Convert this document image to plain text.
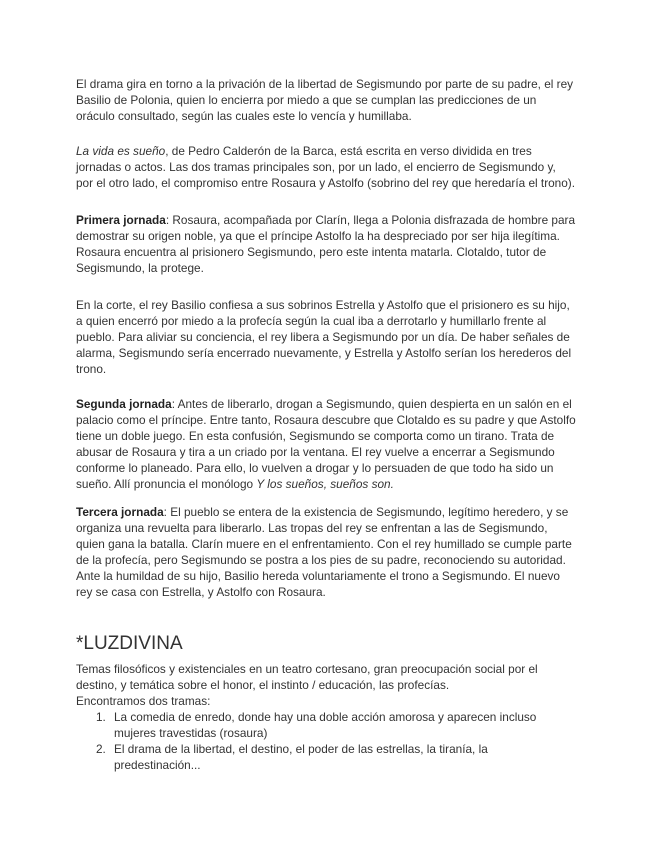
El drama gira en torno a la privación de la libertad de Segismundo por parte de su padre, el rey Basilio de Polonia, quien lo encierra por miedo a que se cumplan las predicciones de un oráculo consultado, según las cuales este lo vencía y humillaba.

La vida es sueño, de Pedro Calderón de la Barca, está escrita en verso dividida en tres jornadas o actos. Las dos tramas principales son, por un lado, el encierro de Segismundo y, por el otro lado, el compromiso entre Rosaura y Astolfo (sobrino del rey que heredaría el trono).

Primera jornada: Rosaura, acompañada por Clarín, llega a Polonia disfrazada de hombre para demostrar su origen noble, ya que el príncipe Astolfo la ha despreciado por ser hija ilegítima. Rosaura encuentra al prisionero Segismundo, pero este intenta matarla. Clotaldo, tutor de Segismundo, la protege.

En la corte, el rey Basilio confiesa a sus sobrinos Estrella y Astolfo que el prisionero es su hijo, a quien encerró por miedo a la profecía según la cual iba a derrotarlo y humillarlo frente al pueblo. Para aliviar su conciencia, el rey libera a Segismundo por un día. De haber señales de alarma, Segismundo sería encerrado nuevamente, y Estrella y Astolfo serían los herederos del trono.

Segunda jornada: Antes de liberarlo, drogan a Segismundo, quien despierta en un salón en el palacio como el príncipe. Entre tanto, Rosaura descubre que Clotaldo es su padre y que Astolfo tiene un doble juego. En esta confusión, Segismundo se comporta como un tirano. Trata de abusar de Rosaura y tira a un criado por la ventana. El rey vuelve a encerrar a Segismundo conforme lo planeado. Para ello, lo vuelven a drogar y lo persuaden de que todo ha sido un sueño. Allí pronuncia el monólogo Y los sueños, sueños son.

Tercera jornada: El pueblo se entera de la existencia de Segismundo, legítimo heredero, y se organiza una revuelta para liberarlo. Las tropas del rey se enfrentan a las de Segismundo, quien gana la batalla. Clarín muere en el enfrentamiento. Con el rey humillado se cumple parte de la profecía, pero Segismundo se postra a los pies de su padre, reconociendo su autoridad. Ante la humildad de su hijo, Basilio hereda voluntariamente el trono a Segismundo. El nuevo rey se casa con Estrella, y Astolfo con Rosaura.

*LUZDIVINA

Temas filosóficos y existenciales en un teatro cortesano, gran preocupación social por el destino, y temática sobre el honor, el instinto / educación, las profecías.

Encontramos dos tramas:

1. La comedia de enredo, donde hay una doble acción amorosa y aparecen incluso mujeres travestidas (rosaura)
2. El drama de la libertad, el destino, el poder de las estrellas, la tiranía, la predestinación...
